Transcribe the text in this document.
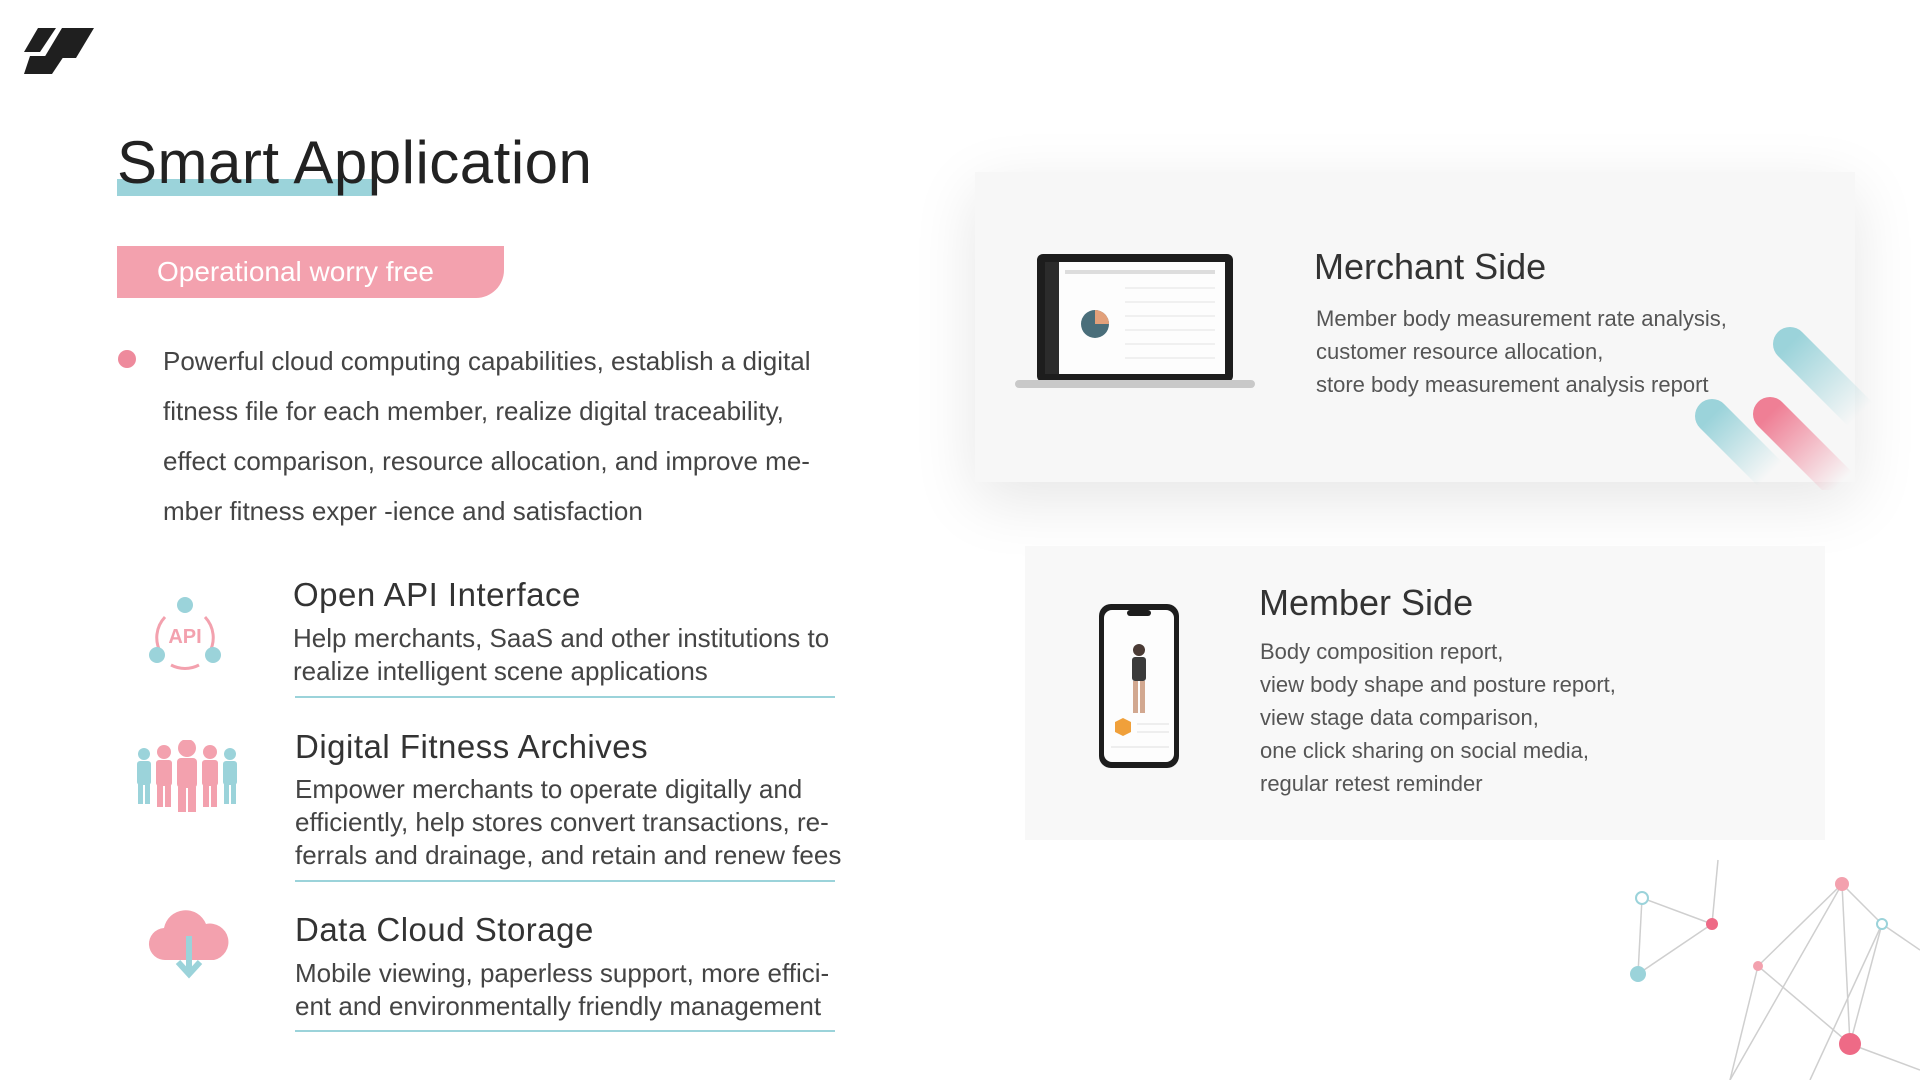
Smart Application
Operational worry free
Powerful cloud computing capabilities, establish a digital fitness file for each member, realize digital traceability, effect comparison, resource allocation, and improve me-mber fitness exper -ience and satisfaction
API
Open API Interface
Help merchants, SaaS and other institutions to realize intelligent scene applications
Digital Fitness Archives
Empower merchants to operate digitally and efficiently, help stores convert transactions, re-ferrals and drainage, and retain and renew fees
Data Cloud Storage
Mobile viewing, paperless support, more effici-ent and environmentally friendly management
Merchant Side
Member body measurement rate analysis,
customer resource allocation,
store body measurement analysis report
Member Side
Body composition report,
view body shape and posture report,
view stage data comparison,
one click sharing on social media,
regular retest reminder
